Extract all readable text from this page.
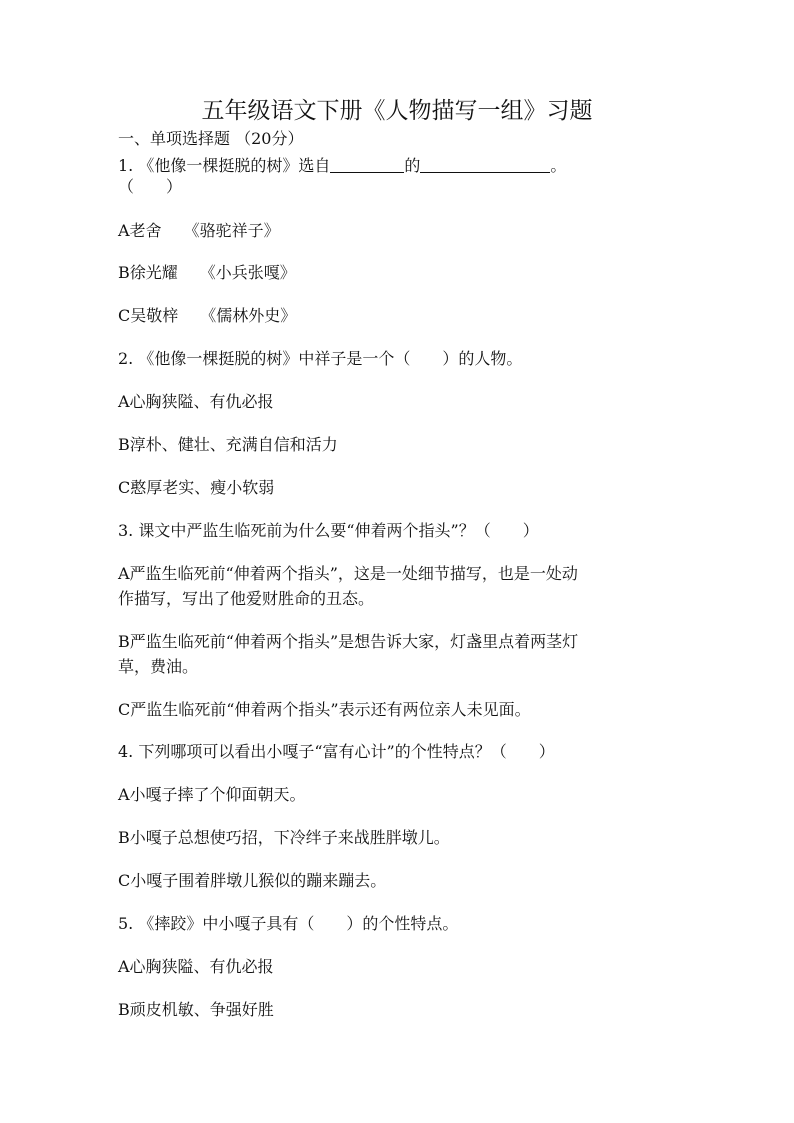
五年级语文下册《人物描写一组》习题
一、单项选择题 （20分）
1. 《他像一棵挺脱的树》选自	的	。
（　　）
A老舍 《骆驼祥子》
B徐光耀 《小兵张嘎》
C吴敬梓 《儒林外史》
2. 《他像一棵挺脱的树》中祥子是一个（　　）的人物。
A心胸狭隘、有仇必报
B淳朴、健壮、充满自信和活力
C憨厚老实、瘦小软弱
3. 课文中严监生临死前为什么要“伸着两个指头”？（　　）
A严监生临死前“伸着两个指头”，这是一处细节描写，也是一处动
作描写，写出了他爱财胜命的丑态。
B严监生临死前“伸着两个指头”是想告诉大家，灯盏里点着两茎灯
草，费油。
C严监生临死前“伸着两个指头”表示还有两位亲人未见面。
4. 下列哪项可以看出小嘎子“富有心计”的个性特点？（　　）
A小嘎子摔了个仰面朝天。
B小嘎子总想使巧招，下冷绊子来战胜胖墩儿。
C小嘎子围着胖墩儿猴似的蹦来蹦去。
5. 《摔跤》中小嘎子具有（　　）的个性特点。
A心胸狭隘、有仇必报
B顽皮机敏、争强好胜
